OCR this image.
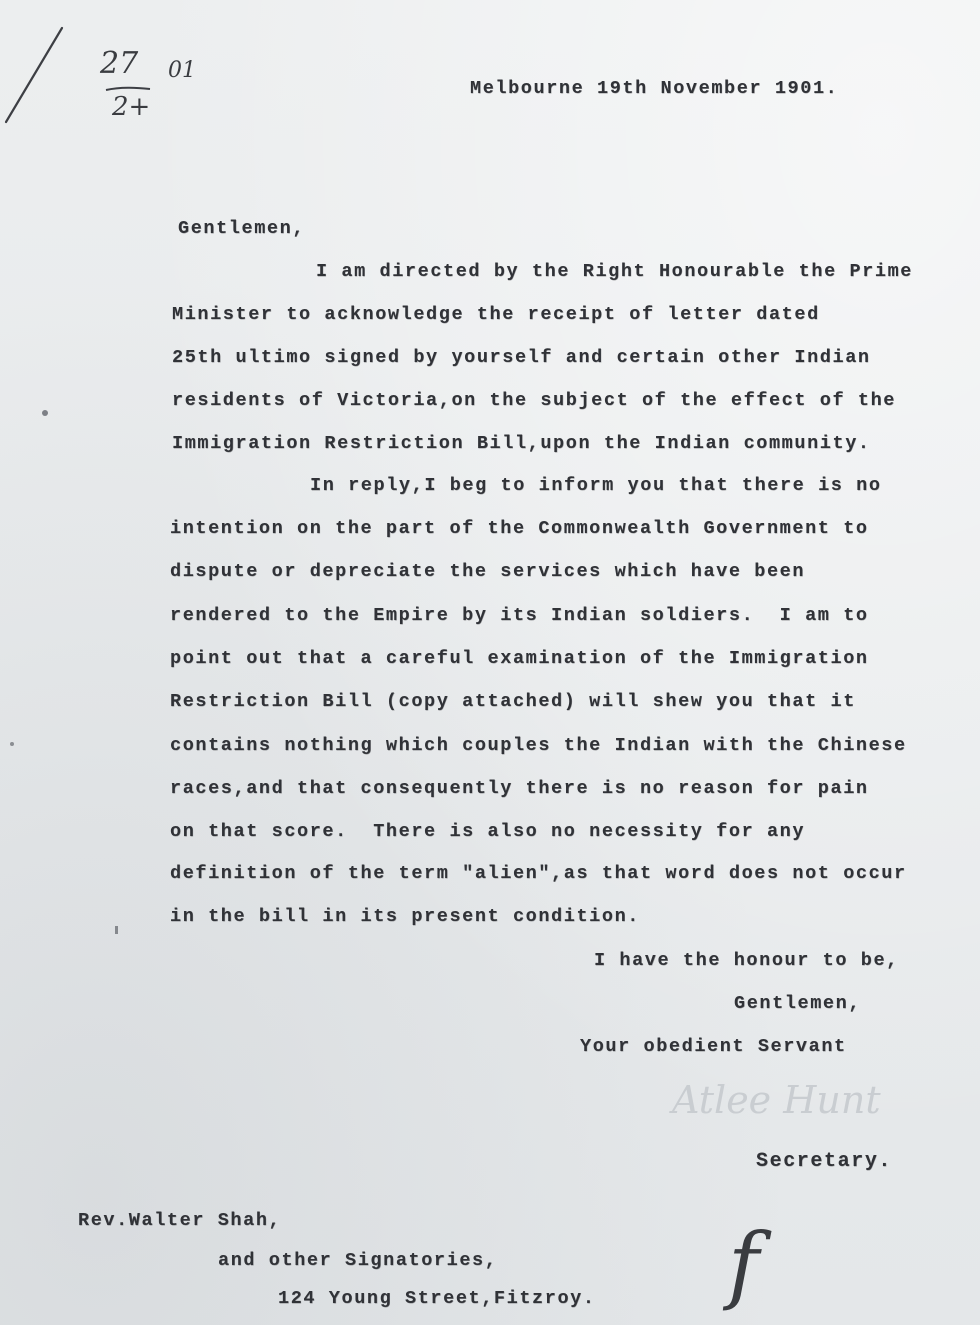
27
2+
01
Melbourne 19th November 1901.
Gentlemen,
I am directed by the Right Honourable the Prime
Minister to acknowledge the receipt of letter dated
25th ultimo signed by yourself and certain other Indian
residents of Victoria,on the subject of the effect of the
Immigration Restriction Bill,upon the Indian community.
In reply,I beg to inform you that there is no
intention on the part of the Commonwealth Government to
dispute or depreciate the services which have been
rendered to the Empire by its Indian soldiers.  I am to
point out that a careful examination of the Immigration
Restriction Bill (copy attached) will shew you that it
contains nothing which couples the Indian with the Chinese
races,and that consequently there is no reason for pain
on that score.  There is also no necessity for any
definition of the term "alien",as that word does not occur
in the bill in its present condition.
I have the honour to be,
Gentlemen,
Your obedient Servant
Atlee Hunt
Secretary.
Rev.Walter Shah,
and other Signatories,
124 Young Street,Fitzroy. f
